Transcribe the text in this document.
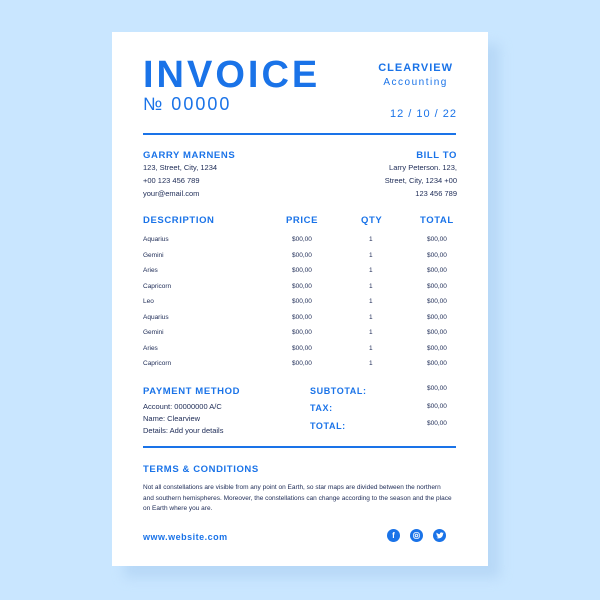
INVOICE
№ 00000
CLEARVIEW
Accounting
12 / 10 / 22
GARRY MARNENS
123, Street, City, 1234
+00 123 456 789
your@email.com
BILL TO
Larry Peterson. 123,
Street, City, 1234 +00
123 456 789
DESCRIPTION	PRICE	QTY	TOTAL
Aquarius	$00,00	1	$00,00
Gemini	$00,00	1	$00,00
Aries	$00,00	1	$00,00
Capricorn	$00,00	1	$00,00
Leo	$00,00	1	$00,00
Aquarius	$00,00	1	$00,00
Gemini	$00,00	1	$00,00
Aries	$00,00	1	$00,00
Capricorn	$00,00	1	$00,00
PAYMENT METHOD
Account: 00000000 A/C
Name: Clearview
Details: Add your details
SUBTOTAL:	$00,00
TAX:	$00,00
TOTAL:	$00,00
TERMS & CONDITIONS
Not all constellations are visible from any point on Earth, so star maps are divided between the northern and southern hemispheres. Moreover, the constellations can change according to the season and the place on Earth where you are.
www.website.com	f
